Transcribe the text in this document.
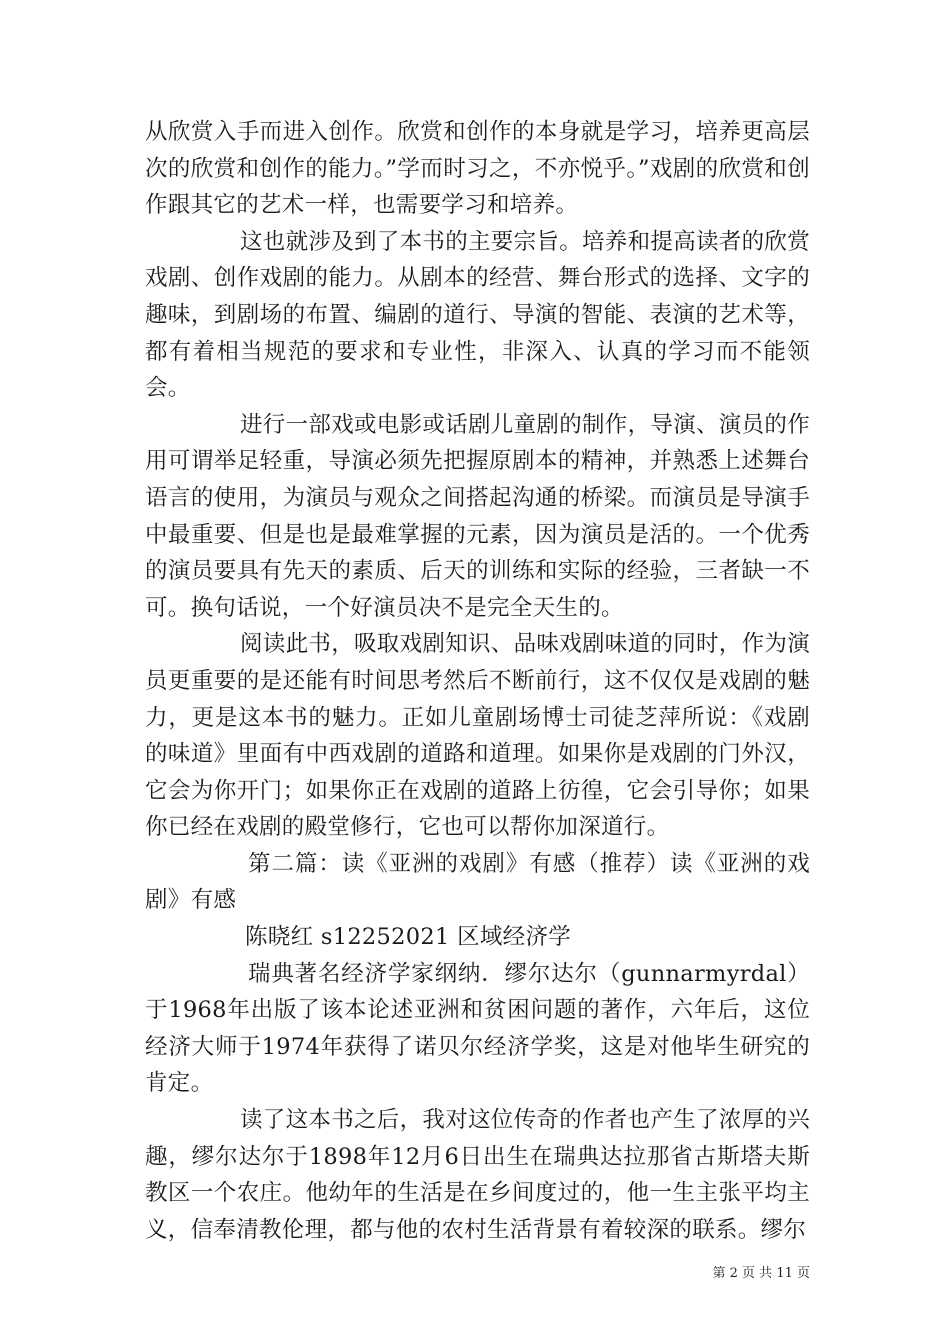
从欣赏入手而进入创作。欣赏和创作的本身就是学习，培养更高层次的欣赏和创作的能力。”学而时习之，不亦悦乎。”戏剧的欣赏和创作跟其它的艺术一样，也需要学习和培养。

这也就涉及到了本书的主要宗旨。培养和提高读者的欣赏戏剧、创作戏剧的能力。从剧本的经营、舞台形式的选择、文字的趣味，到剧场的布置、编剧的道行、导演的智能、表演的艺术等，都有着相当规范的要求和专业性，非深入、认真的学习而不能领会。

进行一部戏或电影或话剧儿童剧的制作，导演、演员的作用可谓举足轻重，导演必须先把握原剧本的精神，并熟悉上述舞台语言的使用，为演员与观众之间搭起沟通的桥梁。而演员是导演手中最重要、但是也是最难掌握的元素，因为演员是活的。一个优秀的演员要具有先天的素质、后天的训练和实际的经验，三者缺一不可。换句话说，一个好演员决不是完全天生的。

阅读此书，吸取戏剧知识、品味戏剧味道的同时，作为演员更重要的是还能有时间思考然后不断前行，这不仅仅是戏剧的魅力，更是这本书的魅力。正如儿童剧场博士司徒芝萍所说：《戏剧的味道》里面有中西戏剧的道路和道理。如果你是戏剧的门外汉，它会为你开门；如果你正在戏剧的道路上彷徨，它会引导你；如果你已经在戏剧的殿堂修行，它也可以帮你加深道行。

第二篇：读《亚洲的戏剧》有感（推荐）读《亚洲的戏剧》有感

陈晓红 s12252021 区域经济学

瑞典著名经济学家纲纳．缪尔达尔（gunnarmyrdal）于1968年出版了该本论述亚洲和贫困问题的著作，六年后，这位经济大师于1974年获得了诺贝尔经济学奖，这是对他毕生研究的肯定。

读了这本书之后，我对这位传奇的作者也产生了浓厚的兴趣，缪尔达尔于1898年12月6日出生在瑞典达拉那省古斯塔夫斯教区一个农庄。他幼年的生活是在乡间度过的，他一生主张平均主义，信奉清教伦理，都与他的农村生活背景有着较深的联系。缪尔

第 2 页 共 11 页
